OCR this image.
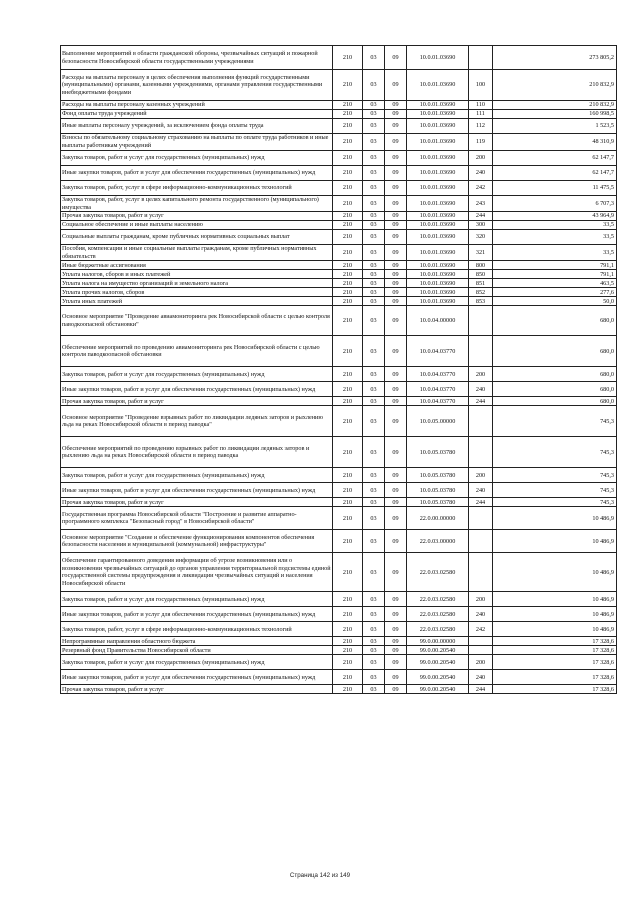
Выполнение мероприятий в области гражданской обороны, чрезвычайных ситуаций и пожарной безопасности Новосибирской области государственными учреждениями	210	03	09	10.0.01.03690		273 805,2
Расходы на выплаты персоналу в целях обеспечения выполнения функций государственными (муниципальными) органами, казенными учреждениями, органами управления государственными внебюджетными фондами	210	03	09	10.0.01.03690	100	210 832,9
Расходы на выплаты персоналу казенных учреждений	210	03	09	10.0.01.03690	110	210 832,9
Фонд оплаты труда учреждений	210	03	09	10.0.01.03690	111	160 998,5
Иные выплаты персоналу учреждений, за исключением фонда оплаты труда	210	03	09	10.0.01.03690	112	1 523,5
Взносы по обязательному социальному страхованию на выплаты по оплате труда работников и иные выплаты работникам учреждений	210	03	09	10.0.01.03690	119	48 310,9
Закупка товаров, работ и услуг для государственных (муниципальных) нужд	210	03	09	10.0.01.03690	200	62 147,7
Иные закупки товаров, работ и услуг для обеспечения государственных (муниципальных) нужд	210	03	09	10.0.01.03690	240	62 147,7
Закупка товаров, работ, услуг в сфере информационно-коммуникационных технологий	210	03	09	10.0.01.03690	242	11 475,5
Закупка товаров, работ, услуг в целях капитального ремонта государственного (муниципального) имущества	210	03	09	10.0.01.03690	243	6 707,3
Прочая закупка товаров, работ и услуг	210	03	09	10.0.01.03690	244	43 964,9
Социальное обеспечение и иные выплаты населению	210	03	09	10.0.01.03690	300	33,5
Социальные выплаты гражданам, кроме публичных нормативных социальных выплат	210	03	09	10.0.01.03690	320	33,5
Пособия, компенсации и иные социальные выплаты гражданам, кроме публичных нормативных обязательств	210	03	09	10.0.01.03690	321	33,5
Иные бюджетные ассигнования	210	03	09	10.0.01.03690	800	791,1
Уплата налогов, сборов и иных платежей	210	03	09	10.0.01.03690	850	791,1
Уплата налога на имущество организаций и земельного налога	210	03	09	10.0.01.03690	851	463,5
Уплата прочих налогов, сборов	210	03	09	10.0.01.03690	852	277,6
Уплата иных платежей	210	03	09	10.0.01.03690	853	50,0
Основное мероприятие "Проведение авиамониторинга рек Новосибирской области с целью контроля паводкоопасной обстановки"	210	03	09	10.0.04.00000		680,0
Обеспечение мероприятий по проведению авиамониторинга рек Новосибирской области с целью контроля паводкоопасной обстановки	210	03	09	10.0.04.03770		680,0
Закупка товаров, работ и услуг для государственных (муниципальных) нужд	210	03	09	10.0.04.03770	200	680,0
Иные закупки товаров, работ и услуг для обеспечения государственных (муниципальных) нужд	210	03	09	10.0.04.03770	240	680,0
Прочая закупка товаров, работ и услуг	210	03	09	10.0.04.03770	244	680,0
Основное мероприятие "Проведение взрывных работ по ликвидации ледяных заторов и рыхлению льда на реках Новосибирской области в период паводка"	210	03	09	10.0.05.00000		745,3
Обеспечение мероприятий по проведению взрывных работ по ликвидации ледяных заторов и рыхлению льда на реках Новосибирской области в период паводка	210	03	09	10.0.05.03780		745,3
Закупка товаров, работ и услуг для государственных (муниципальных) нужд	210	03	09	10.0.05.03780	200	745,3
Иные закупки товаров, работ и услуг для обеспечения государственных (муниципальных) нужд	210	03	09	10.0.05.03780	240	745,3
Прочая закупка товаров, работ и услуг	210	03	09	10.0.05.03780	244	745,3
Государственная программа Новосибирской области "Построение и развитие аппаратно-программного комплекса "Безопасный город" в Новосибирской области"	210	03	09	22.0.00.00000		10 486,9
Основное мероприятие "Создание и обеспечение функционирования компонентов обеспечения безопасности населения и муниципальной (коммунальной) инфраструктуры"	210	03	09	22.0.03.00000		10 486,9
Обеспечение гарантированного доведения информации об угрозе возникновения или о возникновении чрезвычайных ситуаций до органов управления территориальной подсистемы единой государственной системы предупреждения и ликвидации чрезвычайных ситуаций и населения Новосибирской области	210	03	09	22.0.03.02580		10 486,9
Закупка товаров, работ и услуг для государственных (муниципальных) нужд	210	03	09	22.0.03.02580	200	10 486,9
Иные закупки товаров, работ и услуг для обеспечения государственных (муниципальных) нужд	210	03	09	22.0.03.02580	240	10 486,9
Закупка товаров, работ, услуг в сфере информационно-коммуникационных технологий	210	03	09	22.0.03.02580	242	10 486,9
Непрограммные направления областного бюджета	210	03	09	99.0.00.00000		17 328,6
Резервный фонд Правительства Новосибирской области	210	03	09	99.0.00.20540		17 328,6
Закупка товаров, работ и услуг для государственных (муниципальных) нужд	210	03	09	99.0.00.20540	200	17 328,6
Иные закупки товаров, работ и услуг для обеспечения государственных (муниципальных) нужд	210	03	09	99.0.00.20540	240	17 328,6
Прочая закупка товаров, работ и услуг	210	03	09	99.0.00.20540	244	17 328,6
Страница 142 из 149
